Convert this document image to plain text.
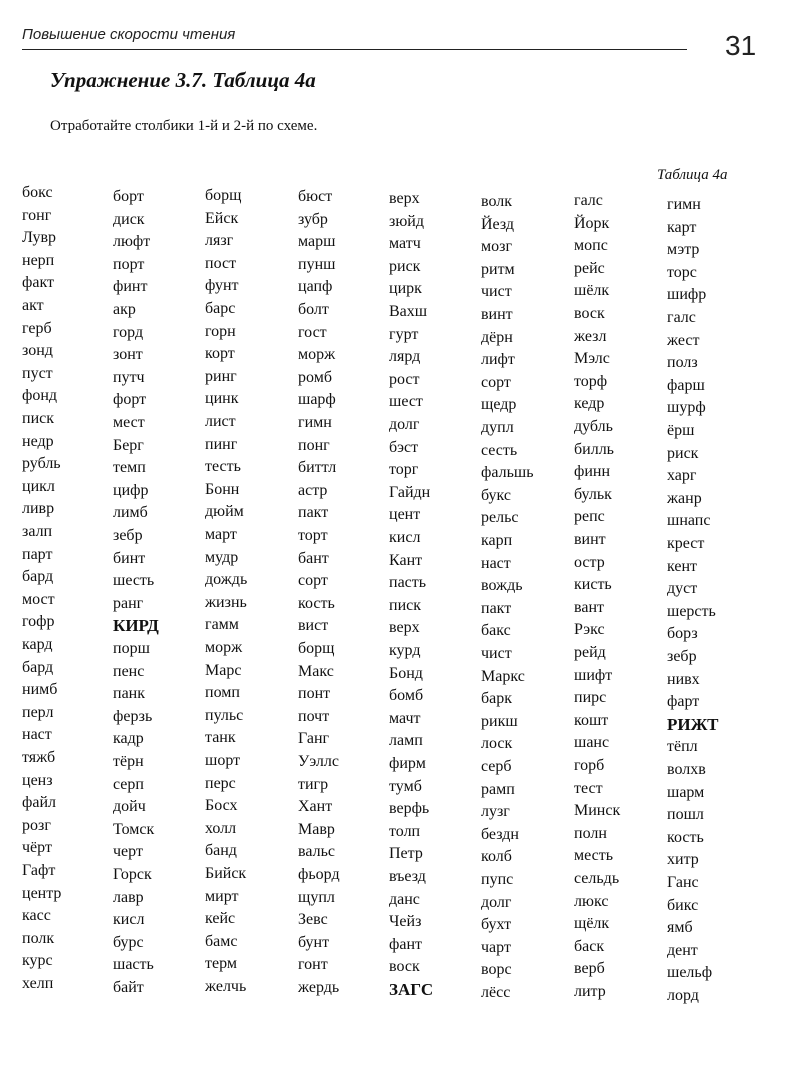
Повышение скорости чтения	31
Упражнение 3.7. Таблица 4а
Отработайте столбики 1-й и 2-й по схеме.
Таблица 4а
бокс
гонг
Лувр
нерп
факт
акт
герб
зонд
пуст
фонд
писк
недр
рубль
цикл
ливр
залп
парт
бард
мост
гофр
кард
бард
нимб
перл
наст
тяжб
ценз
файл
розг
чёрт
Гафт
центр
касс
полк
курс
хелп
борт
диск
люфт
порт
финт
акр
горд
зонт
путч
форт
мест
Берг
темп
цифр
лимб
зебр
бинт
шесть
ранг
КИРД
порш
пенс
панк
ферзь
кадр
тёрн
серп
дойч
Томск
черт
Горск
лавр
кисл
бурс
шасть
байт
борщ
Ейск
лязг
пост
фунт
барс
горн
корт
ринг
цинк
лист
пинг
тесть
Бонн
дюйм
март
мудр
дождь
жизнь
гамм
морж
Марс
помп
пульс
танк
шорт
перс
Босх
холл
банд
Бийск
мирт
кейс
бамс
терм
желчь
бюст
зубр
марш
пунш
цапф
болт
гост
морж
ромб
шарф
гимн
понг
биттл
астр
пакт
торт
бант
сорт
кость
вист
борщ
Макс
понт
почт
Ганг
Уэллс
тигр
Хант
Мавр
вальс
фьорд
щупл
Зевс
бунт
гонт
жердь
верх
зюйд
матч
риск
цирк
Вахш
гурт
лярд
рост
шест
долг
бэст
торг
Гайдн
цент
кисл
Кант
пасть
писк
верх
курд
Бонд
бомб
мачт
ламп
фирм
тумб
верфь
толп
Петр
въезд
данс
Чейз
фант
воск
ЗАГС
волк
Йезд
мозг
ритм
чист
винт
дёрн
лифт
сорт
щедр
дупл
сесть
фальшь
букс
рельс
карп
наст
вождь
пакт
бакс
чист
Маркс
барк
рикш
лоск
серб
рамп
лузг
бездн
колб
пупс
долг
бухт
чарт
ворс
лёсс
галс
Йорк
мопс
рейс
шёлк
воск
жезл
Мэлс
торф
кедр
дубль
билль
финн
бульк
репс
винт
остр
кисть
вант
Рэкс
рейд
шифт
пирс
кошт
шанс
горб
тест
Минск
полн
месть
сельдь
люкс
щёлк
баск
верб
литр
гимн
карт
мэтр
торс
шифр
галс
жест
полз
фарш
шурф
ёрш
риск
харг
жанр
шнапс
крест
кент
дуст
шерсть
борз
зебр
нивх
фарт
РИЖТ
тёпл
волхв
шарм
пошл
кость
хитр
Ганс
бикс
ямб
дент
шельф
лорд
